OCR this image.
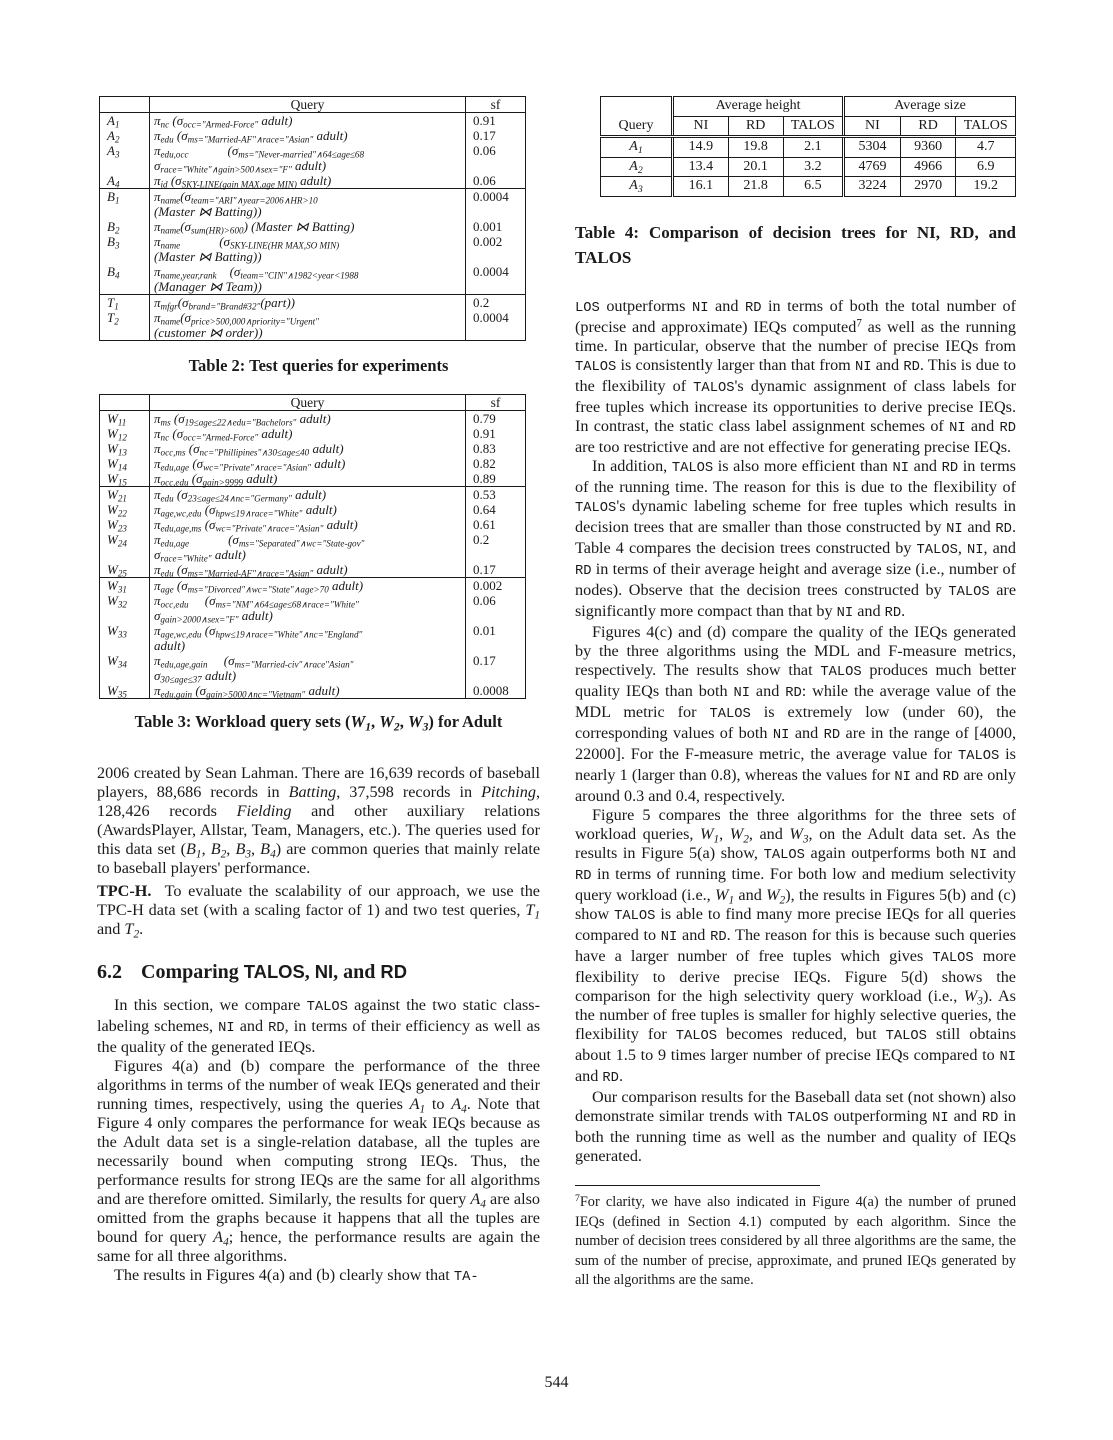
	Query	sf
$A_1$	$\pi_{nc}$ ($\sigma_{occ="Armed-Force"}$ adult)	0.91
$A_2$	$\pi_{edu}$ ($\sigma_{ms="Married-AF"\wedge race="Asian"}$ adult)	0.17
$A_3$	$\pi_{edu,occ}$            ($\sigma_{ms="Never-married"\wedge 64\le age\le 68}$
$\sigma_{race="White"\wedge gain>500\wedge sex="F"}$ adult)	0.06
$A_4$	$\pi_{id}$ ($\sigma_{SKY-LINE(gain MAX,age MIN)}$ adult)	0.06
$B_1$	$\pi_{name}(\sigma_{team="ARI"\wedge year=2006\wedge HR>10}$
(Master ⋈ Batting))	0.0004
$B_2$	$\pi_{name}(\sigma_{sum(HR)>600})$ (Master ⋈ Batting)	0.001
$B_3$	$\pi_{name}$            ($\sigma_{SKY-LINE(HR MAX,SO MIN)}$
(Master ⋈ Batting))	0.002
$B_4$	$\pi_{name,year,rank}$    ($\sigma_{team="CIN"\wedge 1982<year<1988}$
(Manager ⋈ Team))	0.0004
$T_1$	$\pi_{mfgr}(\sigma_{brand="Brand\#32"}(part))$	0.2
$T_2$	$\pi_{name}(\sigma_{price>500,000\wedge priority="Urgent"}$
(customer ⋈ order))	0.0004
Table 2: Test queries for experiments
	Query	sf
$W_{11}$	$\pi_{ms}$ ($\sigma_{19\le age\le 22\wedge edu="Bachelors"}$ adult)	0.79
$W_{12}$	$\pi_{nc}$ ($\sigma_{occ="Armed-Force"}$ adult)	0.91
$W_{13}$	$\pi_{occ,ms}$ ($\sigma_{nc="Phillipines"\wedge 30\le age\le 40}$ adult)	0.83
$W_{14}$	$\pi_{edu,age}$ ($\sigma_{wc="Private"\wedge race="Asian"}$ adult)	0.82
$W_{15}$	$\pi_{occ,edu}$ ($\sigma_{gain>9999}$ adult)	0.89
$W_{21}$	$\pi_{edu}$ ($\sigma_{23\le age\le 24\wedge nc="Germany"}$ adult)	0.53
$W_{22}$	$\pi_{age,wc,edu}$ ($\sigma_{hpw\le 19\wedge race="White"}$ adult)	0.64
$W_{23}$	$\pi_{edu,age,ms}$ ($\sigma_{wc="Private"\wedge race="Asian"}$ adult)	0.61
$W_{24}$	$\pi_{edu,age}$            ($\sigma_{ms="Separated"\wedge wc="State-gov"}$
$\sigma_{race="White"}$ adult)	0.2
$W_{25}$	$\pi_{edu}$ ($\sigma_{ms="Married-AF"\wedge race="Asian"}$ adult)	0.17
$W_{31}$	$\pi_{age}$ ($\sigma_{ms="Divorced"\wedge wc="State"\wedge age>70}$ adult)	0.002
$W_{32}$	$\pi_{occ,edu}$     ($\sigma_{ms="NM"\wedge 64\le age\le 68\wedge race="White"}$
$\sigma_{gain>2000\wedge sex="F"}$ adult)	0.06
$W_{33}$	$\pi_{age,wc,edu}$ ($\sigma_{hpw\le 19\wedge race="White"\wedge nc="England"}$
adult)	0.01
$W_{34}$	$\pi_{edu,age,gain}$     ($\sigma_{ms="Married-civ"\wedge race"Asian"}$
$\sigma_{30\le age\le 37}$ adult)	0.17
$W_{35}$	$\pi_{edu,gain}$ ($\sigma_{gain>5000\wedge nc="Vietnam"}$ adult)	0.0008
Table 3: Workload query sets ($W_1$, $W_2$, $W_3$) for Adult

2006 created by Sean Lahman. There are 16,639 records of baseball players, 88,686 records in Batting, 37,598 records in Pitching, 128,426 records Fielding and other auxiliary relations (AwardsPlayer, Allstar, Team, Managers, etc.). The queries used for this data set ($B_1$, $B_2$, $B_3$, $B_4$) are common queries that mainly relate to baseball players' performance.

TPC-H.  To evaluate the scalability of our approach, we use the TPC-H data set (with a scaling factor of 1) and two test queries, $T_1$ and $T_2$.

6.2 Comparing TALOS, NI, and RD

In this section, we compare TALOS against the two static class-labeling schemes, NI and RD, in terms of their efficiency as well as the quality of the generated IEQs.

Figures 4(a) and (b) compare the performance of the three algorithms in terms of the number of weak IEQs generated and their running times, respectively, using the queries $A_1$ to $A_4$. Note that Figure 4 only compares the performance for weak IEQs because as the Adult data set is a single-relation database, all the tuples are necessarily bound when computing strong IEQs. Thus, the performance results for strong IEQs are the same for all algorithms and are therefore omitted. Similarly, the results for query $A_4$ are also omitted from the graphs because it happens that all the tuples are bound for query $A_4$; hence, the performance results are again the same for all three algorithms.

The results in Figures 4(a) and (b) clearly show that TA-

Query	Average height			Average size		
	NI	RD	TALOS	NI	RD	TALOS
$A_1$	14.9	19.8	2.1	5304	9360	4.7
$A_2$	13.4	20.1	3.2	4769	4966	6.9
$A_3$	16.1	21.8	6.5	3224	2970	19.2
Table 4: Comparison of decision trees for NI, RD, and TALOS

LOS outperforms NI and RD in terms of both the total number of (precise and approximate) IEQs computed$^7$ as well as the running time. In particular, observe that the number of precise IEQs from TALOS is consistently larger than that from NI and RD. This is due to the flexibility of TALOS's dynamic assignment of class labels for free tuples which increase its opportunities to derive precise IEQs. In contrast, the static class label assignment schemes of NI and RD are too restrictive and are not effective for generating precise IEQs.

In addition, TALOS is also more efficient than NI and RD in terms of the running time. The reason for this is due to the flexibility of TALOS's dynamic labeling scheme for free tuples which results in decision trees that are smaller than those constructed by NI and RD. Table 4 compares the decision trees constructed by TALOS, NI, and RD in terms of their average height and average size (i.e., number of nodes). Observe that the decision trees constructed by TALOS are significantly more compact than that by NI and RD.

Figures 4(c) and (d) compare the quality of the IEQs generated by the three algorithms using the MDL and F-measure metrics, respectively. The results show that TALOS produces much better quality IEQs than both NI and RD: while the average value of the MDL metric for TALOS is extremely low (under 60), the corresponding values of both NI and RD are in the range of [4000, 22000]. For the F-measure metric, the average value for TALOS is nearly 1 (larger than 0.8), whereas the values for NI and RD are only around 0.3 and 0.4, respectively.

Figure 5 compares the three algorithms for the three sets of workload queries, $W_1$, $W_2$, and $W_3$, on the Adult data set. As the results in Figure 5(a) show, TALOS again outperforms both NI and RD in terms of running time. For both low and medium selectivity query workload (i.e., $W_1$ and $W_2$), the results in Figures 5(b) and (c) show TALOS is able to find many more precise IEQs for all queries compared to NI and RD. The reason for this is because such queries have a larger number of free tuples which gives TALOS more flexibility to derive precise IEQs. Figure 5(d) shows the comparison for the high selectivity query workload (i.e., $W_3$). As the number of free tuples is smaller for highly selective queries, the flexibility for TALOS becomes reduced, but TALOS still obtains about 1.5 to 9 times larger number of precise IEQs compared to NI and RD.

Our comparison results for the Baseball data set (not shown) also demonstrate similar trends with TALOS outperforming NI and RD in both the running time as well as the number and quality of IEQs generated.

$^7$For clarity, we have also indicated in Figure 4(a) the number of pruned IEQs (defined in Section 4.1) computed by each algorithm. Since the number of decision trees considered by all three algorithms are the same, the sum of the number of precise, approximate, and pruned IEQs generated by all the algorithms are the same.
544
